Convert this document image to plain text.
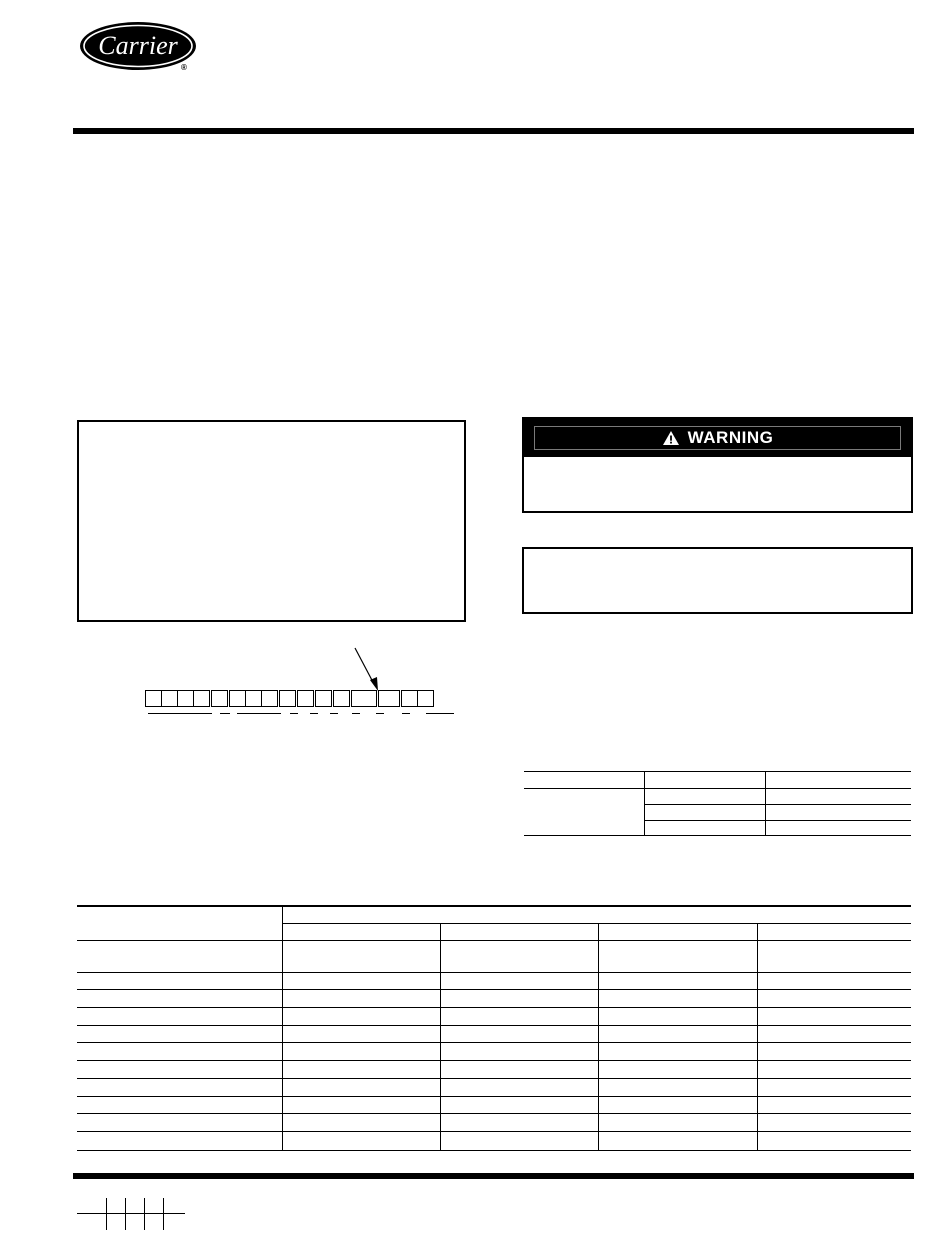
Carrier
®
WARNING
